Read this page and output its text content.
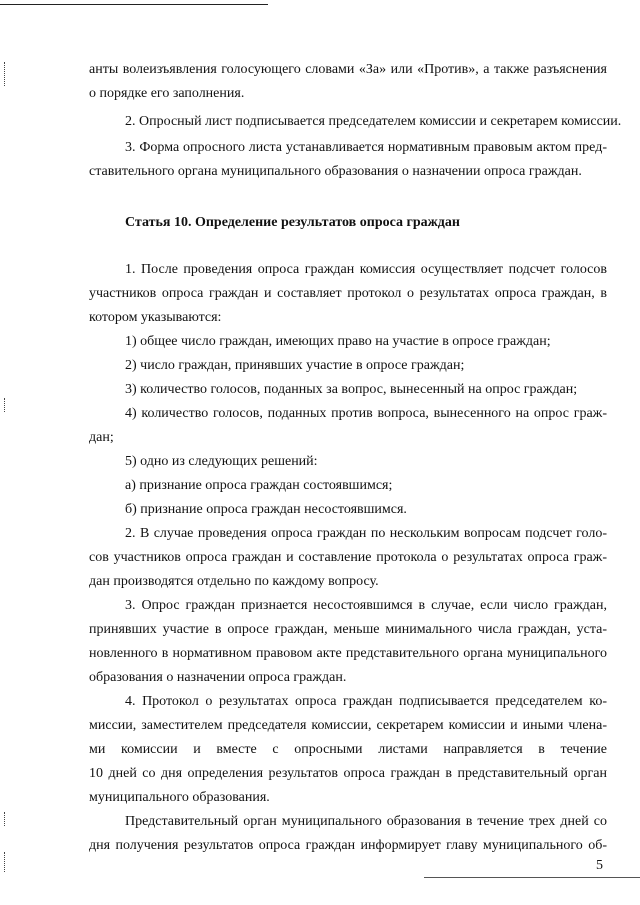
анты волеизъявления голосующего словами «За» или «Против», а также разъяснения
о порядке его заполнения.

2. Опросный лист подписывается председателем комиссии и секретарем комиссии.

3. Форма опросного листа устанавливается нормативным правовым актом пред-
ставительного органа муниципального образования о назначении опроса граждан.

Статья 10. Определение результатов опроса граждан

1. После проведения опроса граждан комиссия осуществляет подсчет голосов
участников опроса граждан и составляет протокол о результатах опроса граждан, в
котором указываются:

1) общее число граждан, имеющих право на участие в опросе граждан;

2) число граждан, принявших участие в опросе граждан;

3) количество голосов, поданных за вопрос, вынесенный на опрос граждан;

4) количество голосов, поданных против вопроса, вынесенного на опрос граж-
дан;

5) одно из следующих решений:

а) признание опроса граждан состоявшимся;

б) признание опроса граждан несостоявшимся.

2. В случае проведения опроса граждан по нескольким вопросам подсчет голо-
сов участников опроса граждан и составление протокола о результатах опроса граж-
дан производятся отдельно по каждому вопросу.

3. Опрос граждан признается несостоявшимся в случае, если число граждан,
принявших участие в опросе граждан, меньше минимального числа граждан, уста-
новленного в нормативном правовом акте представительного органа муниципального
образования о назначении опроса граждан.

4. Протокол о результатах опроса граждан подписывается председателем ко-
миссии, заместителем председателя комиссии, секретарем комиссии и иными члена-
ми комиссии и вместе с опросными листами направляется в течение
10 дней со дня определения результатов опроса граждан в представительный орган
муниципального образования.

Представительный орган муниципального образования в течение трех дней со
дня получения результатов опроса граждан информирует главу муниципального об-

5
